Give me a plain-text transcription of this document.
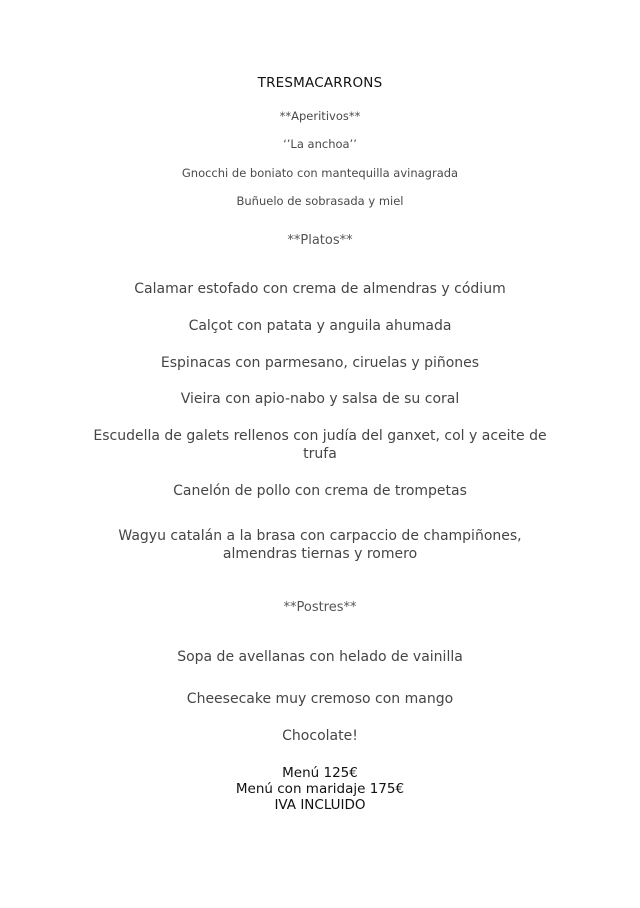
TRESMACARRONS
**Aperitivos**
‘’La anchoa’’
Gnocchi de boniato con mantequilla avinagrada
Buñuelo de sobrasada y miel
**Platos**
Calamar estofado con crema de almendras y códium
Calçot con patata y anguila ahumada
Espinacas con parmesano, ciruelas y piñones
Vieira con apio-nabo y salsa de su coral
Escudella de galets rellenos con judía del ganxet, col y aceite de trufa
Canelón de pollo con crema de trompetas
Wagyu catalán a la brasa con carpaccio de champiñones, almendras tiernas y romero
**Postres**
Sopa de avellanas con helado de vainilla
Cheesecake muy cremoso con mango
Chocolate!
Menú 125€
Menú con maridaje 175€
IVA INCLUIDO
